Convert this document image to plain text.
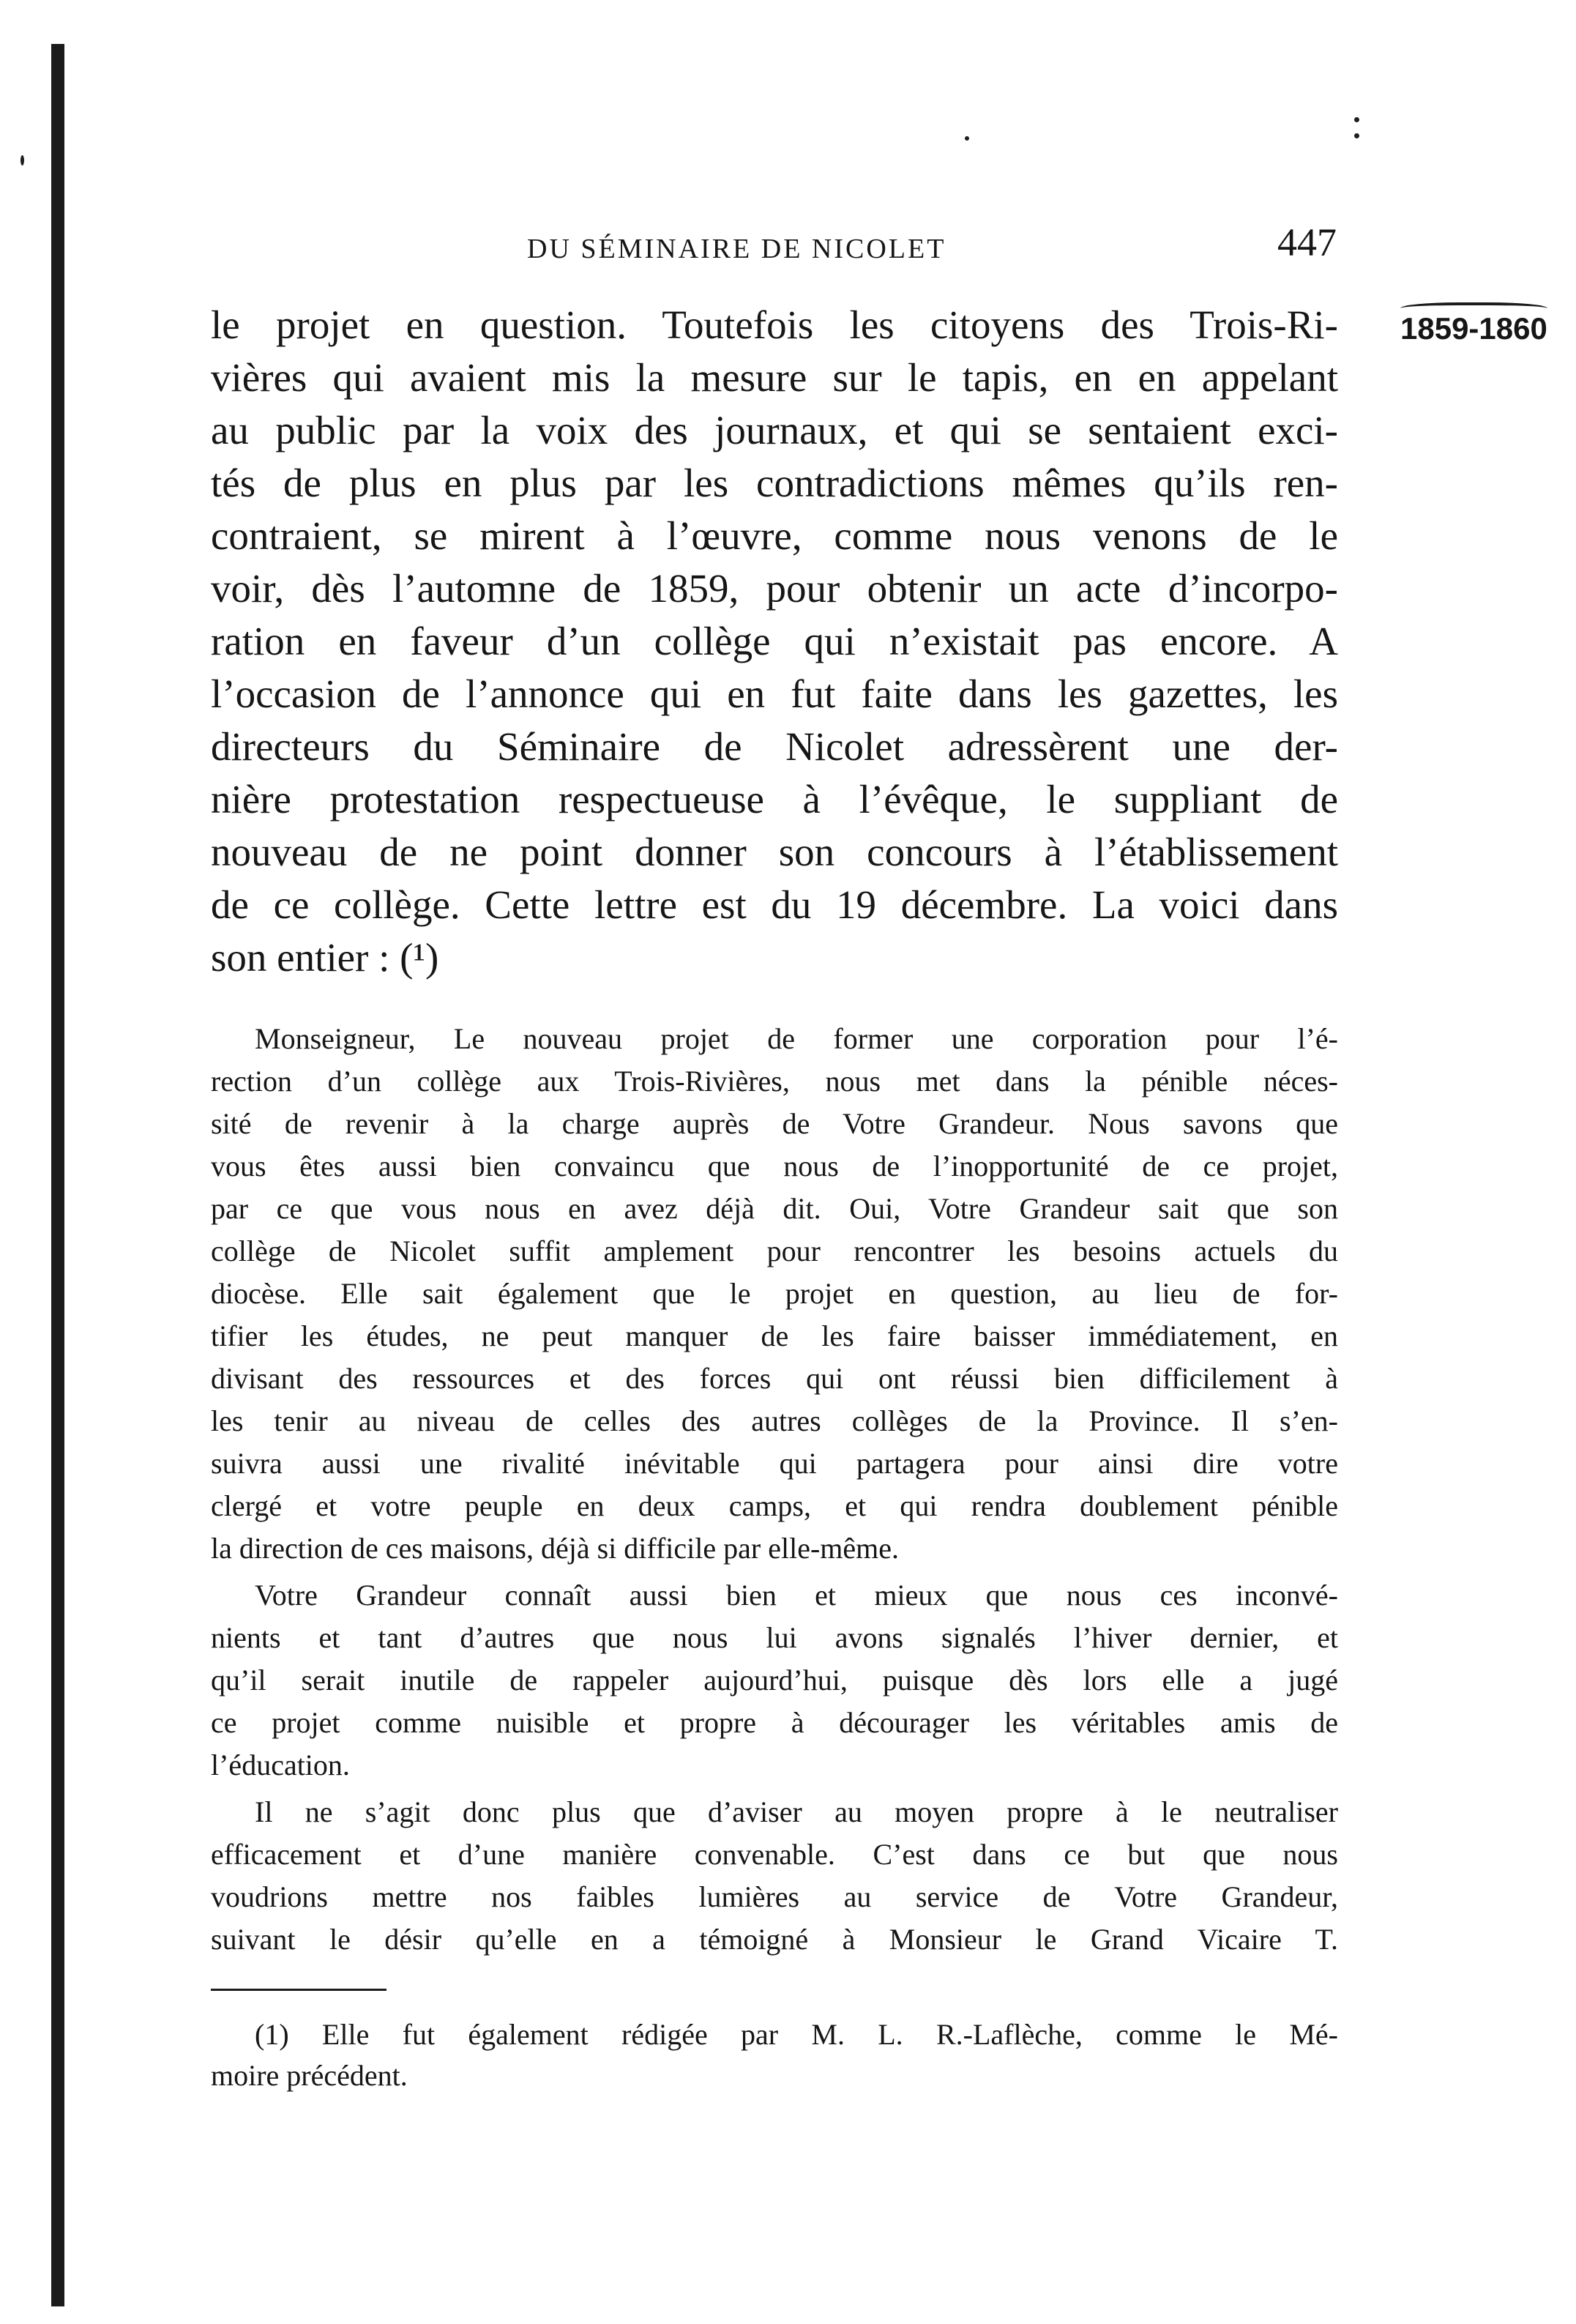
DU SÉMINAIRE DE NICOLET	447
1859-1860
le projet en question. Toutefois les citoyens des Trois-Ri-
vières qui avaient mis la mesure sur le tapis, en en appelant
au public par la voix des journaux, et qui se sentaient exci-
tés de plus en plus par les contradictions mêmes qu’ils ren-
contraient, se mirent à l’œuvre, comme nous venons de le
voir, dès l’automne de 1859, pour obtenir un acte d’incorpo-
ration en faveur d’un collège qui n’existait pas encore. A
l’occasion de l’annonce qui en fut faite dans les gazettes, les
directeurs du Séminaire de Nicolet adressèrent une der-
nière protestation respectueuse à l’évêque, le suppliant de
nouveau de ne point donner son concours à l’établissement
de ce collège. Cette lettre est du 19 décembre. La voici dans
son entier : (¹)
Monseigneur, Le nouveau projet de former une corporation pour l’é-
rection d’un collège aux Trois-Rivières, nous met dans la pénible néces-
sité de revenir à la charge auprès de Votre Grandeur. Nous savons que
vous êtes aussi bien convaincu que nous de l’inopportunité de ce projet,
par ce que vous nous en avez déjà dit. Oui, Votre Grandeur sait que son
collège de Nicolet suffit amplement pour rencontrer les besoins actuels du
diocèse. Elle sait également que le projet en question, au lieu de for-
tifier les études, ne peut manquer de les faire baisser immédiatement, en
divisant des ressources et des forces qui ont réussi bien difficilement à
les tenir au niveau de celles des autres collèges de la Province. Il s’en-
suivra aussi une rivalité inévitable qui partagera pour ainsi dire votre
clergé et votre peuple en deux camps, et qui rendra doublement pénible
la direction de ces maisons, déjà si difficile par elle-même.
Votre Grandeur connaît aussi bien et mieux que nous ces inconvé-
nients et tant d’autres que nous lui avons signalés l’hiver dernier, et
qu’il serait inutile de rappeler aujourd’hui, puisque dès lors elle a jugé
ce projet comme nuisible et propre à décourager les véritables amis de
l’éducation.
Il ne s’agit donc plus que d’aviser au moyen propre à le neutraliser
efficacement et d’une manière convenable. C’est dans ce but que nous
voudrions mettre nos faibles lumières au service de Votre Grandeur,
suivant le désir qu’elle en a témoigné à Monsieur le Grand Vicaire T.
(1) Elle fut également rédigée par M. L. R.-Laflèche, comme le Mé-
moire précédent.
